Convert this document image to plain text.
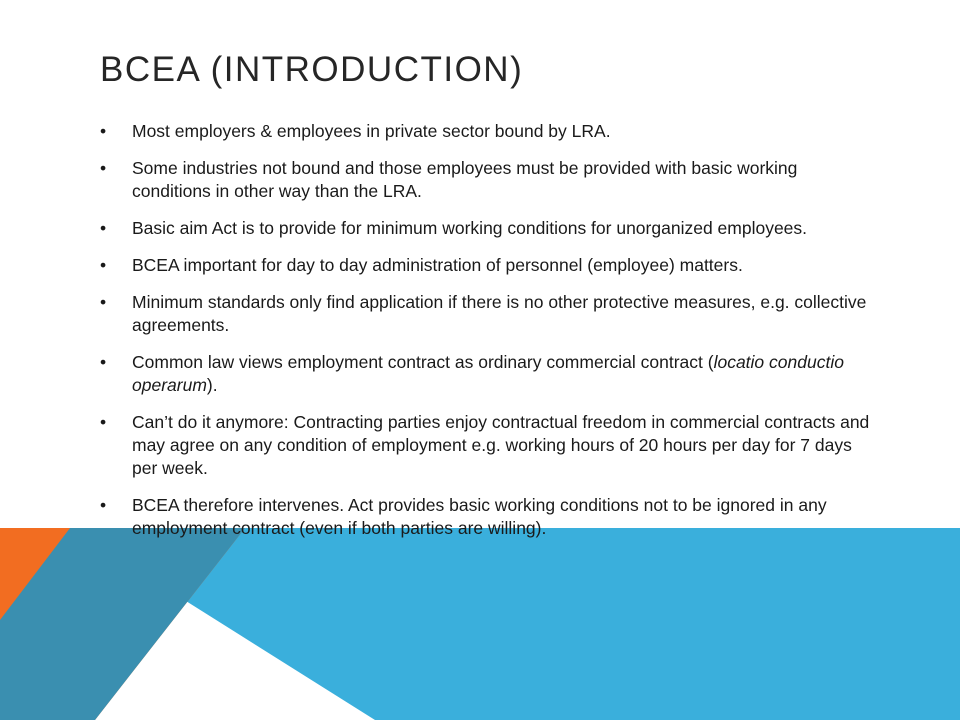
BCEA (INTRODUCTION)
• Most employers & employees in private sector bound by LRA.
• Some industries not bound and those employees must be provided with basic working conditions in other way than the LRA.
• Basic aim Act is to provide for minimum working conditions for unorganized employees.
• BCEA important for day to day administration of personnel (employee) matters.
• Minimum standards only find application if there is no other protective measures, e.g. collective agreements.
• Common law views employment contract as ordinary commercial contract (locatio conductio operarum).
• Can’t do it anymore: Contracting parties enjoy contractual freedom in commercial contracts and may agree on any condition of employment e.g. working hours of 20 hours per day for 7 days per week.
• BCEA therefore intervenes. Act provides basic working conditions not to be ignored in any employment contract (even if both parties are willing).
